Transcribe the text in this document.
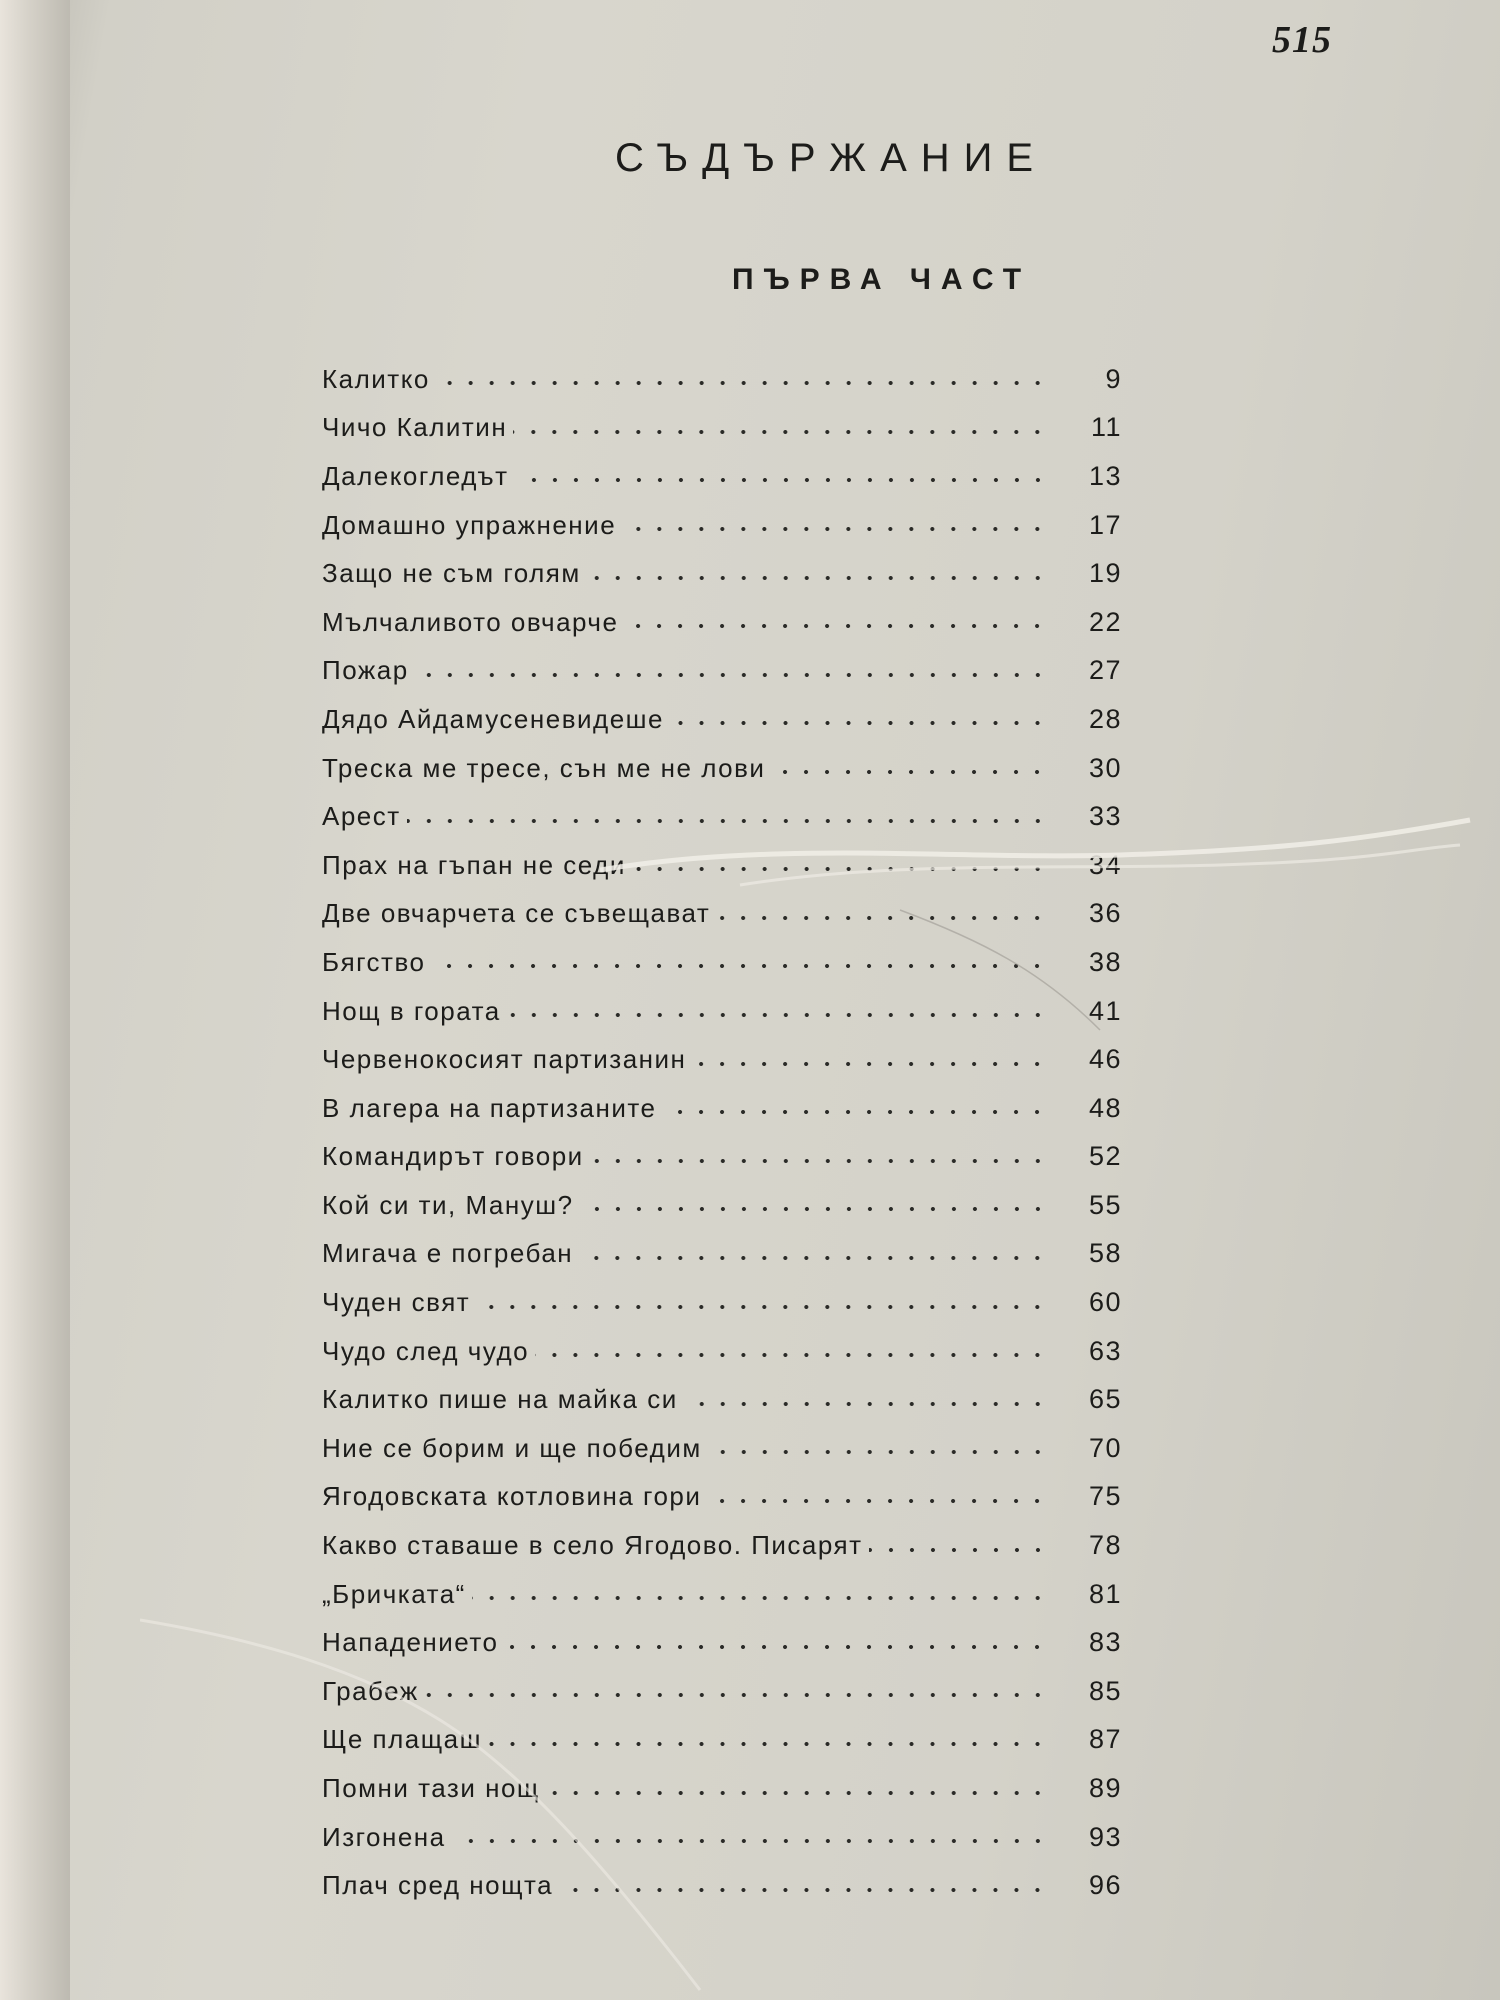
515
СЪДЪРЖАНИЕ
ПЪРВА ЧАСТ
Калитко	9
Чичо Калитин	11
Далекогледът	13
Домашно упражнение	17
Защо не съм голям	19
Мълчаливото овчарче	22
Пожар	27
Дядо Айдамусеневидеше	28
Треска ме тресе, сън ме не лови	30
Арест	33
Прах на гъпан не седи	34
Две овчарчета се съвещават	36
Бягство	38
Нощ в гората	41
Червенокосият партизанин	46
В лагера на партизаните	48
Командирът говори	52
Кой си ти, Мануш?	55
Мигача е погребан	58
Чуден свят	60
Чудо след чудо	63
Калитко пише на майка си	65
Ние се борим и ще победим	70
Ягодовската котловина гори	75
Какво ставаше в село Ягодово. Писарят	78
„Бричката“	81
Нападението	83
Грабеж	85
Ще плащаш	87
Помни тази нощ	89
Изгонена	93
Плач сред нощта	96
